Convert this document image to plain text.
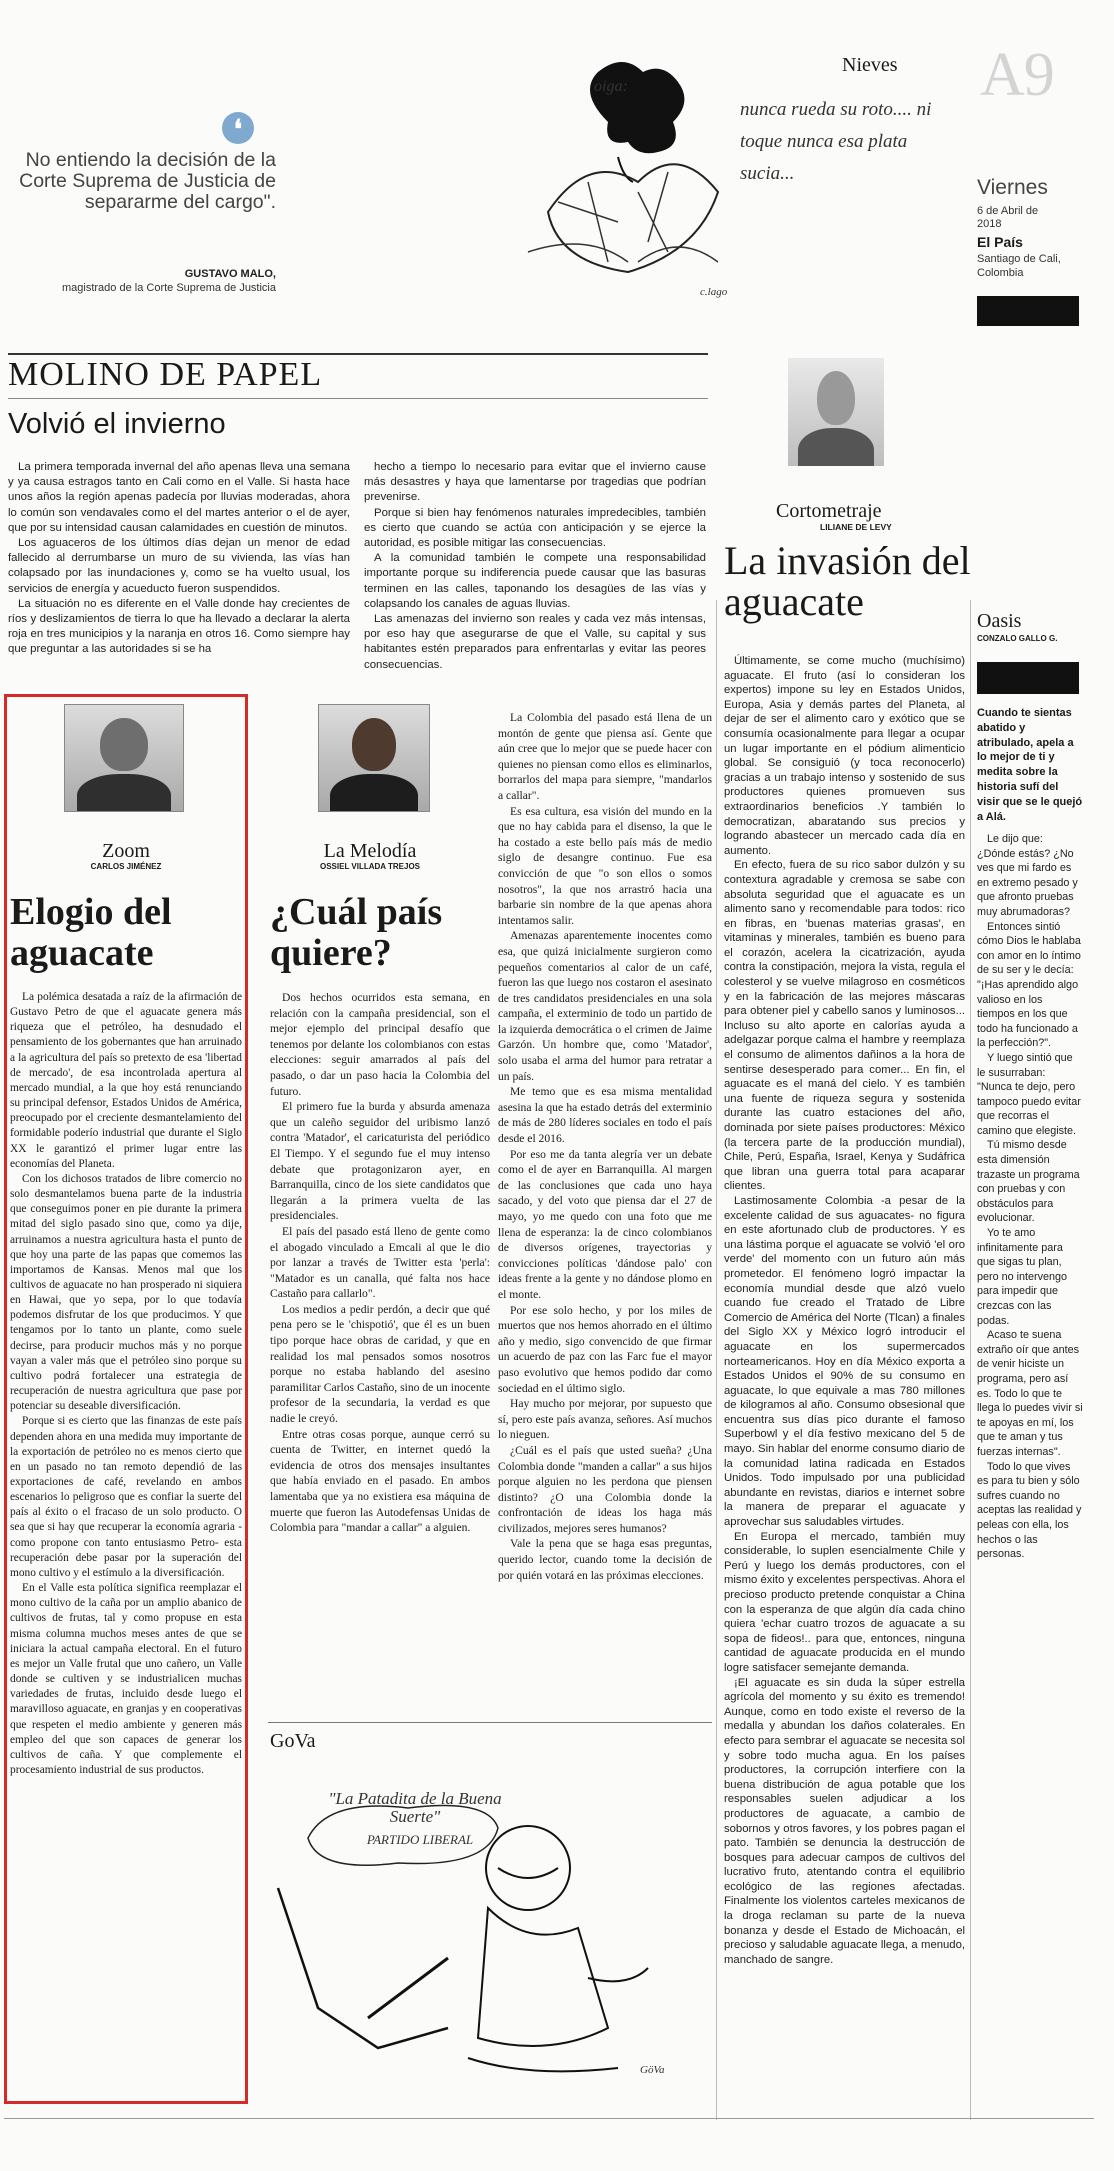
❛
No entiendo la decisión de la Corte Suprema de Justicia de separarme del cargo".
GUSTAVO MALO,
magistrado de la Corte Suprema de Justicia
Nieves
oiga:
nunca rueda su roto.... ni toque nunca esa plata sucia...
c.lago
A9
Viernes
6 de Abril de 2018
El País
Santiago de Cali, Colombia
MOLINO DE PAPEL
Volvió el invierno

La primera temporada invernal del año apenas lleva una semana y ya causa estragos tanto en Cali como en el Valle. Si hasta hace unos años la región apenas padecía por lluvias moderadas, ahora lo común son vendavales como el del martes anterior o el de ayer, que por su intensidad causan calamidades en cuestión de minutos.

Los aguaceros de los últimos días dejan un menor de edad fallecido al derrumbarse un muro de su vivienda, las vías han colapsado por las inundaciones y, como se ha vuelto usual, los servicios de energía y acueducto fueron suspendidos.

La situación no es diferente en el Valle donde hay crecientes de ríos y deslizamientos de tierra lo que ha llevado a declarar la alerta roja en tres municipios y la naranja en otros 16. Como siempre hay que preguntar a las autoridades si se ha

hecho a tiempo lo necesario para evitar que el invierno cause más desastres y haya que lamentarse por tragedias que podrían prevenirse.

Porque si bien hay fenómenos naturales impredecibles, también es cierto que cuando se actúa con anticipación y se ejerce la autoridad, es posible mitigar las consecuencias.

A la comunidad también le compete una responsabilidad importante porque su indiferencia puede causar que las basuras terminen en las calles, taponando los desagües de las vías y colapsando los canales de aguas lluvias.

Las amenazas del invierno son reales y cada vez más intensas, por eso hay que asegurarse de que el Valle, su capital y sus habitantes estén preparados para enfrentarlas y evitar las peores consecuencias.

Cortometraje
LILIANE DE LEVY
La invasión del aguacate

Últimamente, se come mucho (muchísimo) aguacate. El fruto (así lo consideran los expertos) impone su ley en Estados Unidos, Europa, Asia y demás partes del Planeta, al dejar de ser el alimento caro y exótico que se consumía ocasionalmente para llegar a ocupar un lugar importante en el pódium alimenticio global. Se consiguió (y toca reconocerlo) gracias a un trabajo intenso y sostenido de sus productores quienes promueven sus extraordinarios beneficios .Y también lo democratizan, abaratando sus precios y logrando abastecer un mercado cada día en aumento.

En efecto, fuera de su rico sabor dulzón y su contextura agradable y cremosa se sabe con absoluta seguridad que el aguacate es un alimento sano y recomendable para todos: rico en fibras, en 'buenas materias grasas', en vitaminas y minerales, también es bueno para el corazón, acelera la cicatrización, ayuda contra la constipación, mejora la vista, regula el colesterol y se vuelve milagroso en cosméticos y en la fabricación de las mejores máscaras para obtener piel y cabello sanos y luminosos... Incluso su alto aporte en calorías ayuda a adelgazar porque calma el hambre y reemplaza el consumo de alimentos dañinos a la hora de sentirse desesperado para comer... En fin, el aguacate es el maná del cielo. Y es también una fuente de riqueza segura y sostenida durante las cuatro estaciones del año, dominada por siete países productores: México (la tercera parte de la producción mundial), Chile, Perú, España, Israel, Kenya y Sudáfrica que libran una guerra total para acaparar clientes.

Lastimosamente Colombia -a pesar de la excelente calidad de sus aguacates- no figura en este afortunado club de productores. Y es una lástima porque el aguacate se volvió 'el oro verde' del momento con un futuro aún más prometedor. El fenómeno logró impactar la economía mundial desde que alzó vuelo cuando fue creado el Tratado de Libre Comercio de América del Norte (Tlcan) a finales del Siglo XX y México logró introducir el aguacate en los supermercados norteamericanos. Hoy en día México exporta a Estados Unidos el 90% de su consumo en aguacate, lo que equivale a mas 780 millones de kilogramos al año. Consumo obsesional que encuentra sus días pico durante el famoso Superbowl y el día festivo mexicano del 5 de mayo. Sin hablar del enorme consumo diario de la comunidad latina radicada en Estados Unidos. Todo impulsado por una publicidad abundante en revistas, diarios e internet sobre la manera de preparar el aguacate y aprovechar sus saludables virtudes.

En Europa el mercado, también muy considerable, lo suplen esencialmente Chile y Perú y luego los demás productores, con el mismo éxito y excelentes perspectivas. Ahora el precioso producto pretende conquistar a China con la esperanza de que algún día cada chino quiera 'echar cuatro trozos de aguacate a su sopa de fideos!.. para que, entonces, ninguna cantidad de aguacate producida en el mundo logre satisfacer semejante demanda.

¡El aguacate es sin duda la súper estrella agrícola del momento y su éxito es tremendo! Aunque, como en todo existe el reverso de la medalla y abundan los daños colaterales. En efecto para sembrar el aguacate se necesita sol y sobre todo mucha agua. En los países productores, la corrupción interfiere con la buena distribución de agua potable que los responsables suelen adjudicar a los productores de aguacate, a cambio de sobornos y otros favores, y los pobres pagan el pato. También se denuncia la destrucción de bosques para adecuar campos de cultivos del lucrativo fruto, atentando contra el equilibrio ecológico de las regiones afectadas. Finalmente los violentos carteles mexicanos de la droga reclaman su parte de la nueva bonanza y desde el Estado de Michoacán, el precioso y saludable aguacate llega, a menudo, manchado de sangre.

Oasis
CONZALO GALLO G.
Cuando te sientas abatido y atribulado, apela a lo mejor de ti y medita sobre la historia sufí del visir que se le quejó a Alá.

Le dijo que: ¿Dónde estás? ¿No ves que mi fardo es en extremo pesado y que afronto pruebas muy abrumadoras?

Entonces sintió cómo Dios le hablaba con amor en lo íntimo de su ser y le decía: "¡Has aprendido algo valioso en los tiempos en los que todo ha funcionado a la perfección?".

Y luego sintió que le susurraban: "Nunca te dejo, pero tampoco puedo evitar que recorras el camino que elegiste.

Tú mismo desde esta dimensión trazaste un programa con pruebas y con obstáculos para evolucionar.

Yo te amo infinitamente para que sigas tu plan, pero no intervengo para impedir que crezcas con las podas.

Acaso te suena extraño oír que antes de venir hiciste un programa, pero así es. Todo lo que te llega lo puedes vivir si te apoyas en mí, los que te aman y tus fuerzas internas".

Todo lo que vives es para tu bien y sólo sufres cuando no aceptas las realidad y peleas con ella, los hechos o las personas.

Zoom
CARLOS JIMÉNEZ
Elogio del aguacate

La polémica desatada a raíz de la afirmación de Gustavo Petro de que el aguacate genera más riqueza que el petróleo, ha desnudado el pensamiento de los gobernantes que han arruinado a la agricultura del país so pretexto de esa 'libertad de mercado', de esa incontrolada apertura al mercado mundial, a la que hoy está renunciando su principal defensor, Estados Unidos de América, preocupado por el creciente desmantelamiento del formidable poderío industrial que durante el Siglo XX le garantizó el primer lugar entre las economías del Planeta.

Con los dichosos tratados de libre comercio no solo desmantelamos buena parte de la industria que conseguimos poner en pie durante la primera mitad del siglo pasado sino que, como ya dije, arruinamos a nuestra agricultura hasta el punto de que hoy una parte de las papas que comemos las importamos de Kansas. Menos mal que los cultivos de aguacate no han prosperado ni siquiera en Hawai, que yo sepa, por lo que todavía podemos disfrutar de los que producimos. Y que tengamos por lo tanto un plante, como suele decirse, para producir muchos más y no porque vayan a valer más que el petróleo sino porque su cultivo podrá fortalecer una estrategia de recuperación de nuestra agricultura que pase por potenciar su deseable diversificación.

Porque si es cierto que las finanzas de este país dependen ahora en una medida muy importante de la exportación de petróleo no es menos cierto que en un pasado no tan remoto dependió de las exportaciones de café, revelando en ambos escenarios lo peligroso que es confiar la suerte del país al éxito o el fracaso de un solo producto. O sea que si hay que recuperar la economía agraria -como propone con tanto entusiasmo Petro- esta recuperación debe pasar por la superación del mono cultivo y el estímulo a la diversificación.

En el Valle esta política significa reemplazar el mono cultivo de la caña por un amplio abanico de cultivos de frutas, tal y como propuse en esta misma columna muchos meses antes de que se iniciara la actual campaña electoral. En el futuro es mejor un Valle frutal que uno cañero, un Valle donde se cultiven y se industrialicen muchas variedades de frutas, incluido desde luego el maravilloso aguacate, en granjas y en cooperativas que respeten el medio ambiente y generen más empleo del que son capaces de generar los cultivos de caña. Y que complemente el procesamiento industrial de sus productos.

La Melodía
OSSIEL VILLADA TREJOS
¿Cuál país quiere?

Dos hechos ocurridos esta semana, en relación con la campaña presidencial, son el mejor ejemplo del principal desafío que tenemos por delante los colombianos con estas elecciones: seguir amarrados al país del pasado, o dar un paso hacia la Colombia del futuro.

El primero fue la burda y absurda amenaza que un caleño seguidor del uribismo lanzó contra 'Matador', el caricaturista del periódico El Tiempo. Y el segundo fue el muy intenso debate que protagonizaron ayer, en Barranquilla, cinco de los siete candidatos que llegarán a la primera vuelta de las presidenciales.

El país del pasado está lleno de gente como el abogado vinculado a Emcali al que le dio por lanzar a través de Twitter esta 'perla': "Matador es un canalla, qué falta nos hace Castaño para callarlo".

Los medios a pedir perdón, a decir que qué pena pero se le 'chispotió', que él es un buen tipo porque hace obras de caridad, y que en realidad los mal pensados somos nosotros porque no estaba hablando del asesino paramilitar Carlos Castaño, sino de un inocente profesor de la secundaria, la verdad es que nadie le creyó.

Entre otras cosas porque, aunque cerró su cuenta de Twitter, en internet quedó la evidencia de otros dos mensajes insultantes que había enviado en el pasado. En ambos lamentaba que ya no existiera esa máquina de muerte que fueron las Autodefensas Unidas de Colombia para "mandar a callar" a alguien.

La Colombia del pasado está llena de un montón de gente que piensa así. Gente que aún cree que lo mejor que se puede hacer con quienes no piensan como ellos es eliminarlos, borrarlos del mapa para siempre, "mandarlos a callar".

Es esa cultura, esa visión del mundo en la que no hay cabida para el disenso, la que le ha costado a este bello país más de medio siglo de desangre continuo. Fue esa convicción de que "o son ellos o somos nosotros", la que nos arrastró hacia una barbarie sin nombre de la que apenas ahora intentamos salir.

Amenazas aparentemente inocentes como esa, que quizá inicialmente surgieron como pequeños comentarios al calor de un café, fueron las que luego nos costaron el asesinato de tres candidatos presidenciales en una sola campaña, el exterminio de todo un partido de la izquierda democrática o el crimen de Jaime Garzón. Un hombre que, como 'Matador', solo usaba el arma del humor para retratar a un país.

Me temo que es esa misma mentalidad asesina la que ha estado detrás del exterminio de más de 280 líderes sociales en todo el país desde el 2016.

Por eso me da tanta alegría ver un debate como el de ayer en Barranquilla. Al margen de las conclusiones que cada uno haya sacado, y del voto que piensa dar el 27 de mayo, yo me quedo con una foto que me llena de esperanza: la de cinco colombianos de diversos orígenes, trayectorias y convicciones políticas 'dándose palo' con ideas frente a la gente y no dándose plomo en el monte.

Por ese solo hecho, y por los miles de muertos que nos hemos ahorrado en el último año y medio, sigo convencido de que firmar un acuerdo de paz con las Farc fue el mayor paso evolutivo que hemos podido dar como sociedad en el último siglo.

Hay mucho por mejorar, por supuesto que sí, pero este país avanza, señores. Así muchos lo nieguen.

¿Cuál es el país que usted sueña? ¿Una Colombia donde "manden a callar" a sus hijos porque alguien no les perdona que piensen distinto? ¿O una Colombia donde la confrontación de ideas los haga más civilizados, mejores seres humanos?

Vale la pena que se haga esas preguntas, querido lector, cuando tome la decisión de por quién votará en las próximas elecciones.

GoVa
"La Patadita de la Buena Suerte"
PARTIDO LIBERAL
GöVa
